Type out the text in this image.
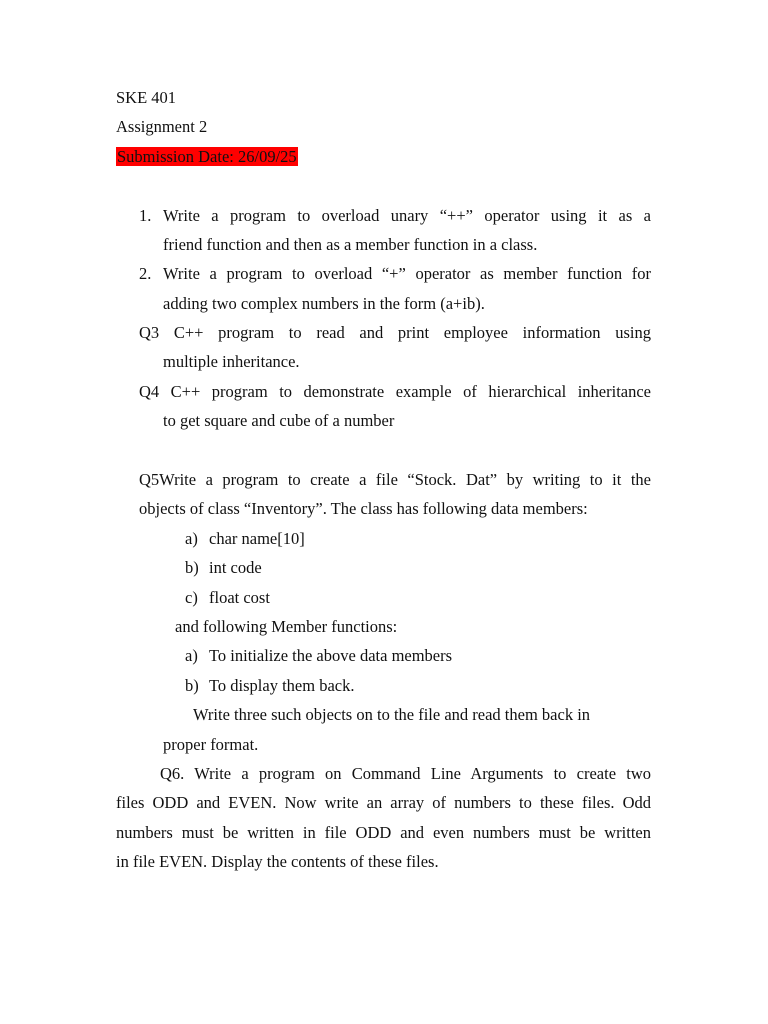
SKE 401
Assignment 2
Submission Date: 26/09/25
1. Write a program to overload unary “++” operator using it as a
friend function and then as a member function in a class.
2. Write a program to overload “+” operator as member function for
adding two complex numbers in the form (a+ib).
Q3 C++ program to read and print employee information using
multiple inheritance.
Q4 C++ program to demonstrate example of hierarchical inheritance
to get square and cube of a number
Q5Write a program to create a file “Stock. Dat” by writing to it the
objects of class “Inventory”. The class has following data members:
a) char name[10]
b) int code
c) float cost
and following Member functions:
a) To initialize the above data members
b) To display them back.
Write three such objects on to the file and read them back in
proper format.
Q6. Write a program on Command Line Arguments to create two
files ODD and EVEN. Now write an array of numbers to these files. Odd
numbers must be written in file ODD and even numbers must be written
in file EVEN. Display the contents of these files.
